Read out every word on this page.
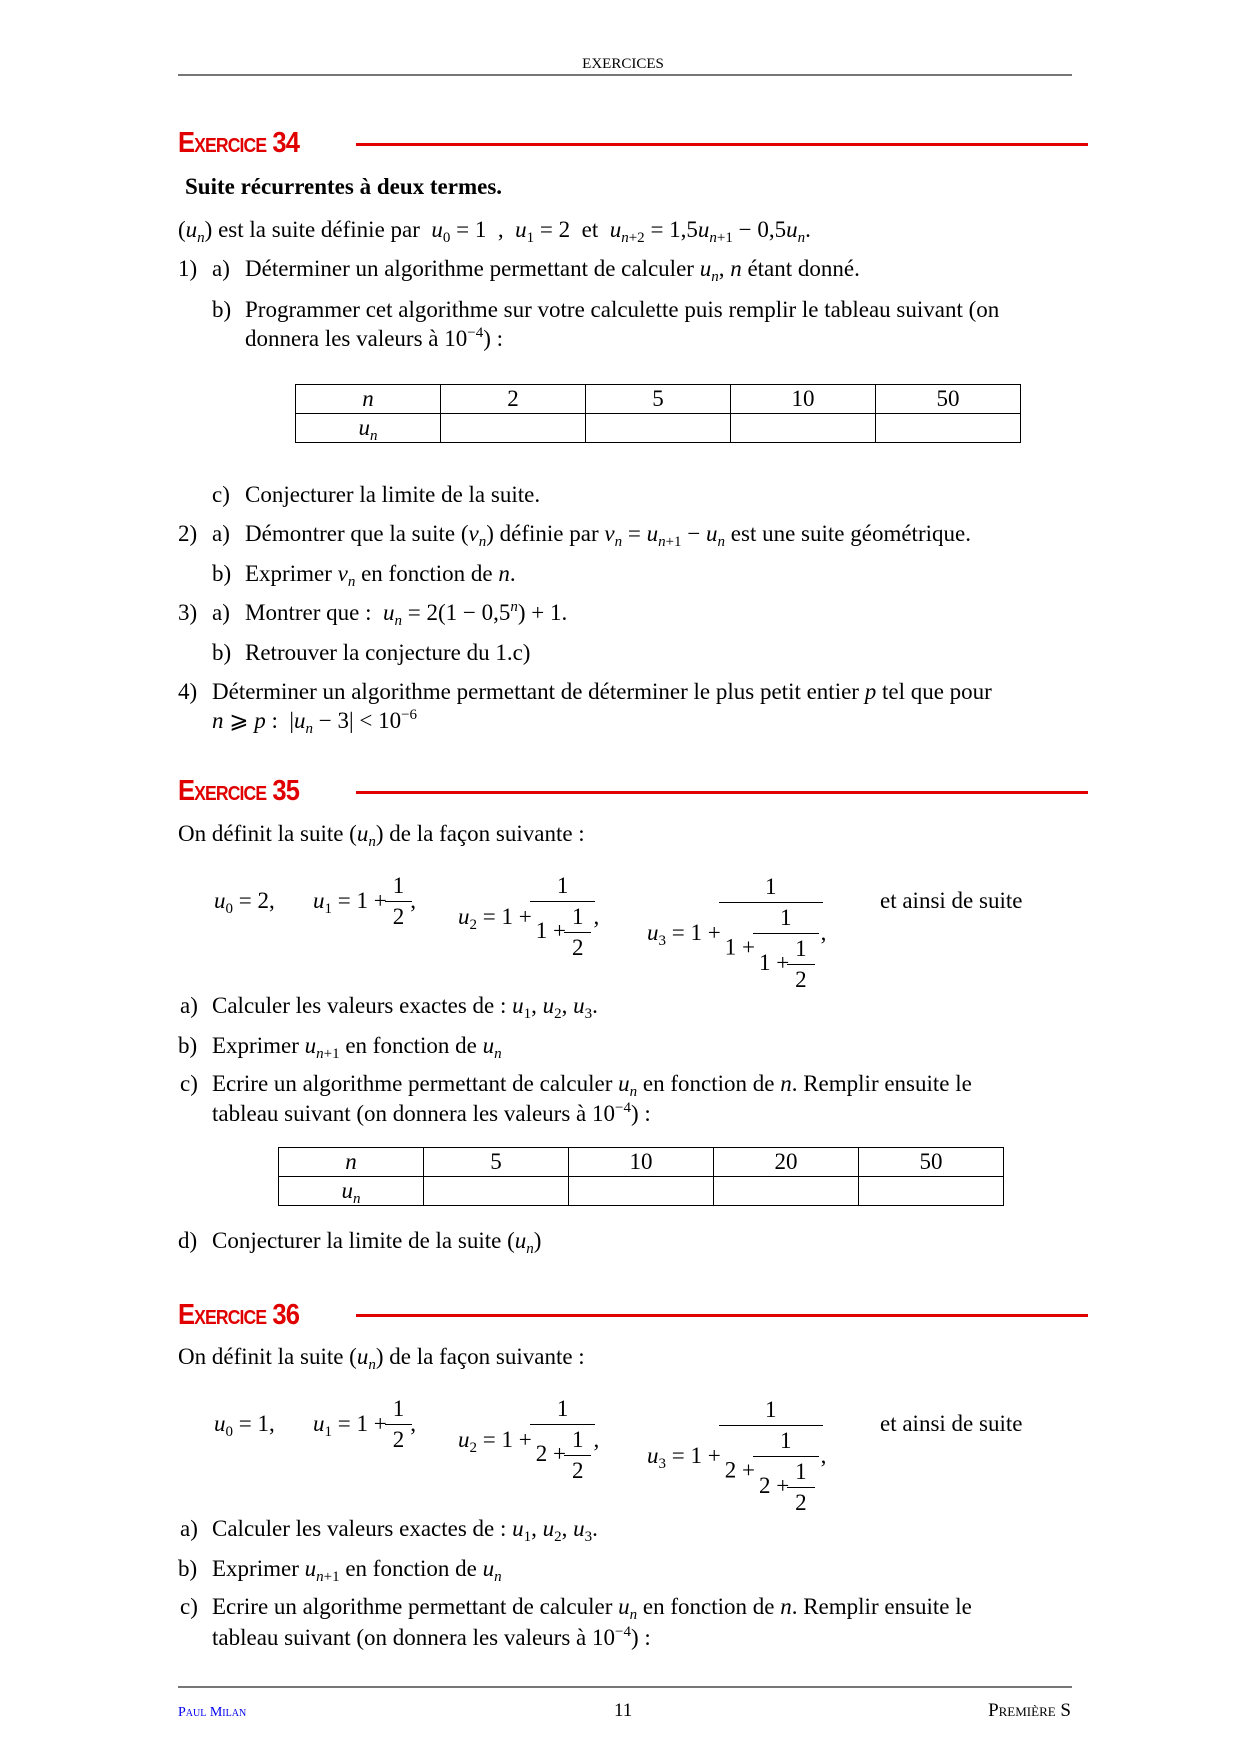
EXERCICES
Exercice 34
Suite récurrentes à deux termes.
$(u_n)$ est la suite définie par  $u_0 = 1$  ,  $u_1 = 2$  et  $u_{n+2} = 1,5u_{n+1} - 0,5u_n$.
1) a) Déterminer un algorithme permettant de calculer $u_n$, n étant donné.
b) Programmer cet algorithme sur votre calculette puis remplir le tableau suivant (on
donnera les valeurs à $10^{-4}$) :
n	2	5	10	50
$u_n$				
c) Conjecturer la limite de la suite.
2) a) Démontrer que la suite $(v_n)$ définie par $v_n = u_{n+1} - u_n$ est une suite géométrique.
b) Exprimer $v_n$ en fonction de n.
3) a) Montrer que :  $u_n = 2(1 - 0,5^n) + 1$.
b) Retrouver la conjecture du 1.c)
4) Déterminer un algorithme permettant de déterminer le plus petit entier p tel que pour
n ⩾ p :  $|u_n - 3| < 10^{-6}$
Exercice 35
On définit la suite $(u_n)$ de la façon suivante :
$u_0 = 2$, $u_1 = 1 + \frac{1}{2}$ ,
$u_2 = 1 + \frac{1}{1 + \frac{1}{2}}$ ,
$u_3 = 1 + \frac{1}{1 + \frac{1}{1 + \frac{1}{2}}}$ ,
et ainsi de suite
a) Calculer les valeurs exactes de : $u_1$, $u_2$, $u_3$.
b) Exprimer $u_{n+1}$ en fonction de $u_n$
c) Ecrire un algorithme permettant de calculer $u_n$ en fonction de n. Remplir ensuite le
tableau suivant (on donnera les valeurs à $10^{-4}$) :
n	5	10	20	50
$u_n$				
d) Conjecturer la limite de la suite $(u_n)$
Exercice 36
On définit la suite $(u_n)$ de la façon suivante :
$u_0 = 1$, $u_1 = 1 + \frac{1}{2}$ ,
$u_2 = 1 + \frac{1}{2 + \frac{1}{2}}$ ,
$u_3 = 1 + \frac{1}{2 + \frac{1}{2 + \frac{1}{2}}}$ ,
et ainsi de suite
a) Calculer les valeurs exactes de : $u_1$, $u_2$, $u_3$.
b) Exprimer $u_{n+1}$ en fonction de $u_n$
c) Ecrire un algorithme permettant de calculer $u_n$ en fonction de n. Remplir ensuite le
tableau suivant (on donnera les valeurs à $10^{-4}$) :
Paul Milan	11	Première S
